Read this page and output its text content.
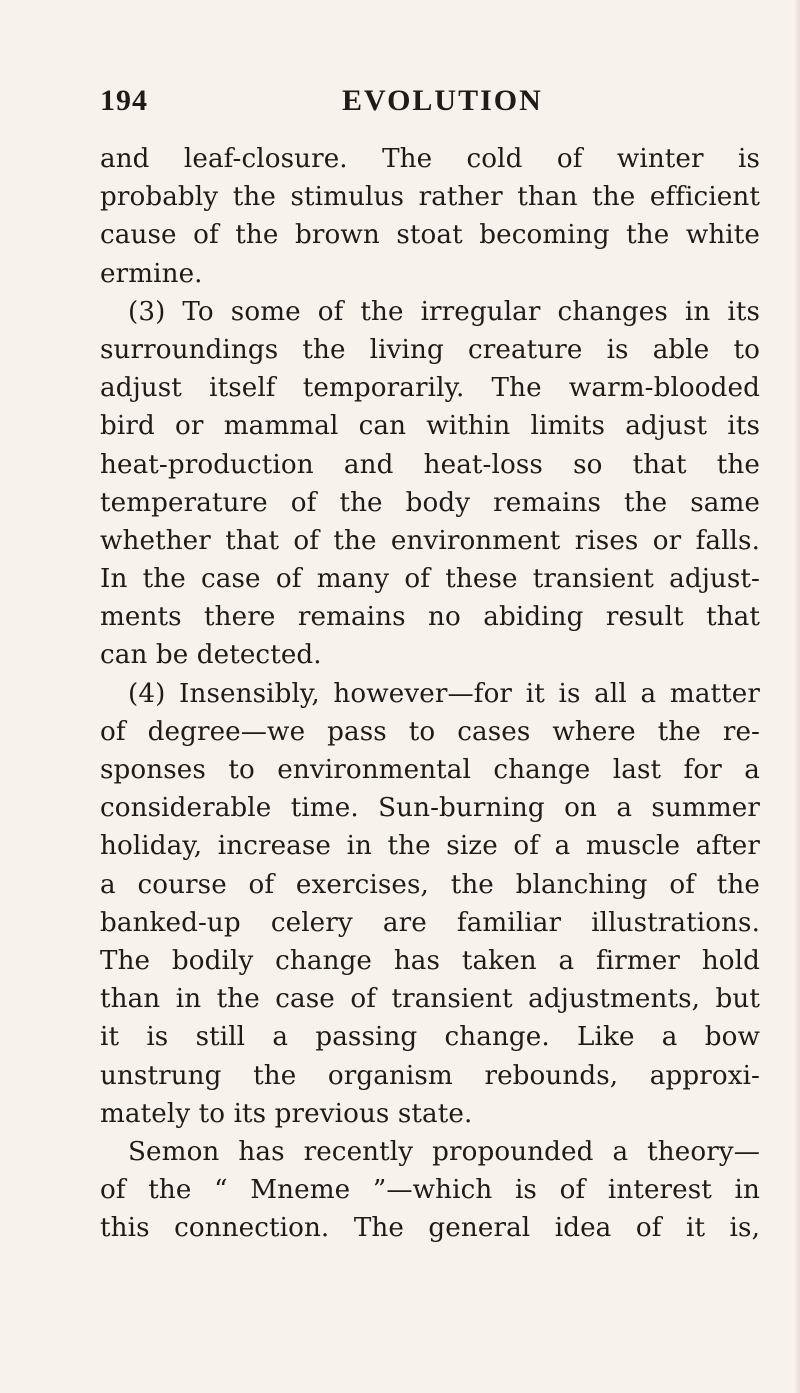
194	EVOLUTION
and leaf-closure. The cold of winter is
probably the stimulus rather than the efficient
cause of the brown stoat becoming the white
ermine.
(3) To some of the irregular changes in its
surroundings the living creature is able to
adjust itself temporarily. The warm-blooded
bird or mammal can within limits adjust its
heat-production and heat-loss so that the
temperature of the body remains the same
whether that of the environment rises or falls.
In the case of many of these transient adjust-
ments there remains no abiding result that
can be detected.
(4) Insensibly, however—for it is all a matter
of degree—we pass to cases where the re-
sponses to environmental change last for a
considerable time. Sun-burning on a summer
holiday, increase in the size of a muscle after
a course of exercises, the blanching of the
banked-up celery are familiar illustrations.
The bodily change has taken a firmer hold
than in the case of transient adjustments, but
it is still a passing change. Like a bow
unstrung the organism rebounds, approxi-
mately to its previous state.
Semon has recently propounded a theory—
of the “ Mneme ”—which is of interest in
this connection. The general idea of it is,
